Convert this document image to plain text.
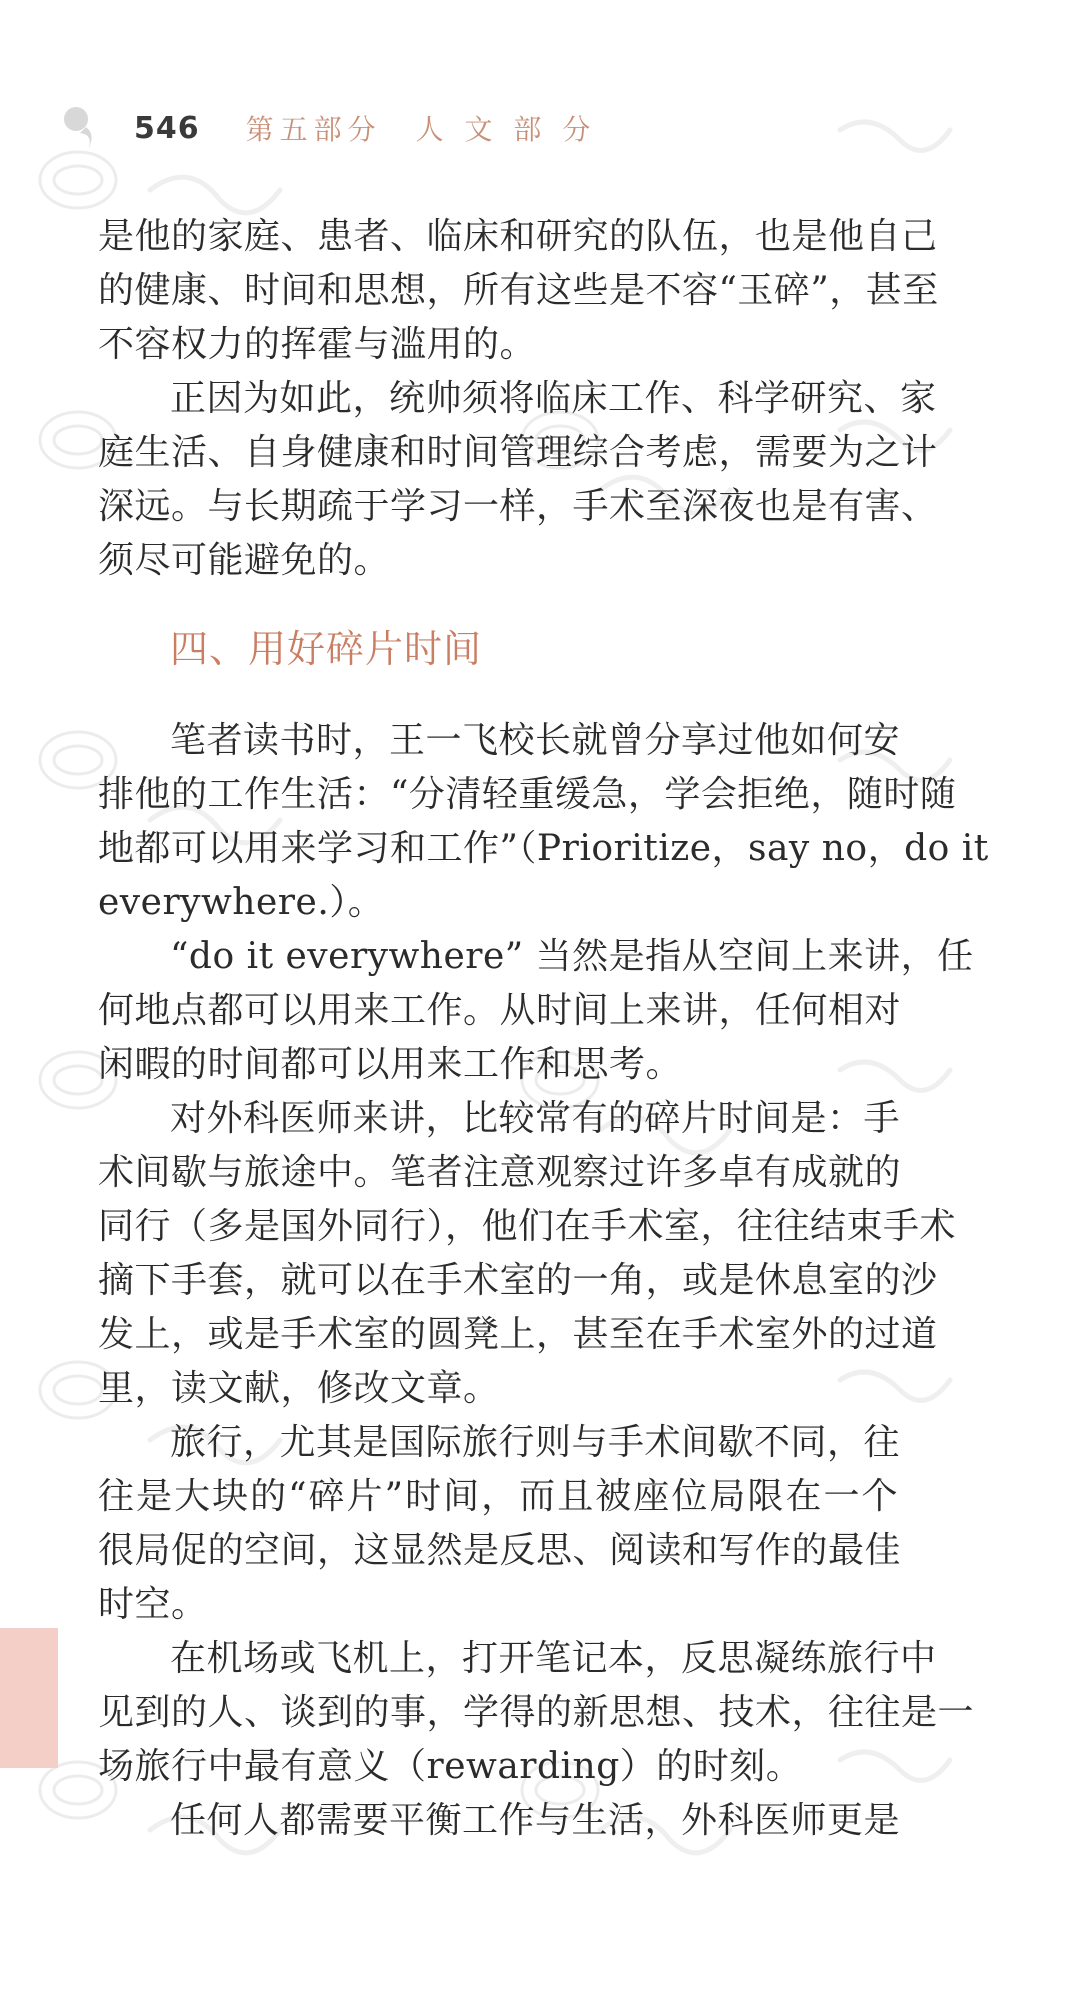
546 第五部分　人 文 部 分
是他的家庭、患者、临床和研究的队伍，也是他自己
的健康、时间和思想，所有这些是不容“玉碎”，甚至
不容权力的挥霍与滥用的。
正因为如此，统帅须将临床工作、科学研究、家
庭生活、自身健康和时间管理综合考虑，需要为之计
深远。与长期疏于学习一样，手术至深夜也是有害、
须尽可能避免的。
四、用好碎片时间
笔者读书时，王一飞校长就曾分享过他如何安
排他的工作生活：“分清轻重缓急，学会拒绝，随时随
地都可以用来学习和工作”（Prioritize，say no，do it
everywhere.）。
“do it everywhere” 当然是指从空间上来讲，任
何地点都可以用来工作。从时间上来讲，任何相对
闲暇的时间都可以用来工作和思考。
对外科医师来讲，比较常有的碎片时间是：手
术间歇与旅途中。笔者注意观察过许多卓有成就的
同行（多是国外同行），他们在手术室，往往结束手术
摘下手套，就可以在手术室的一角，或是休息室的沙
发上，或是手术室的圆凳上，甚至在手术室外的过道
里，读文献，修改文章。
旅行，尤其是国际旅行则与手术间歇不同，往
往是大块的“碎片”时间，而且被座位局限在一个
很局促的空间，这显然是反思、阅读和写作的最佳
时空。
在机场或飞机上，打开笔记本，反思凝练旅行中
见到的人、谈到的事，学得的新思想、技术，往往是一
场旅行中最有意义（rewarding）的时刻。
任何人都需要平衡工作与生活，外科医师更是
